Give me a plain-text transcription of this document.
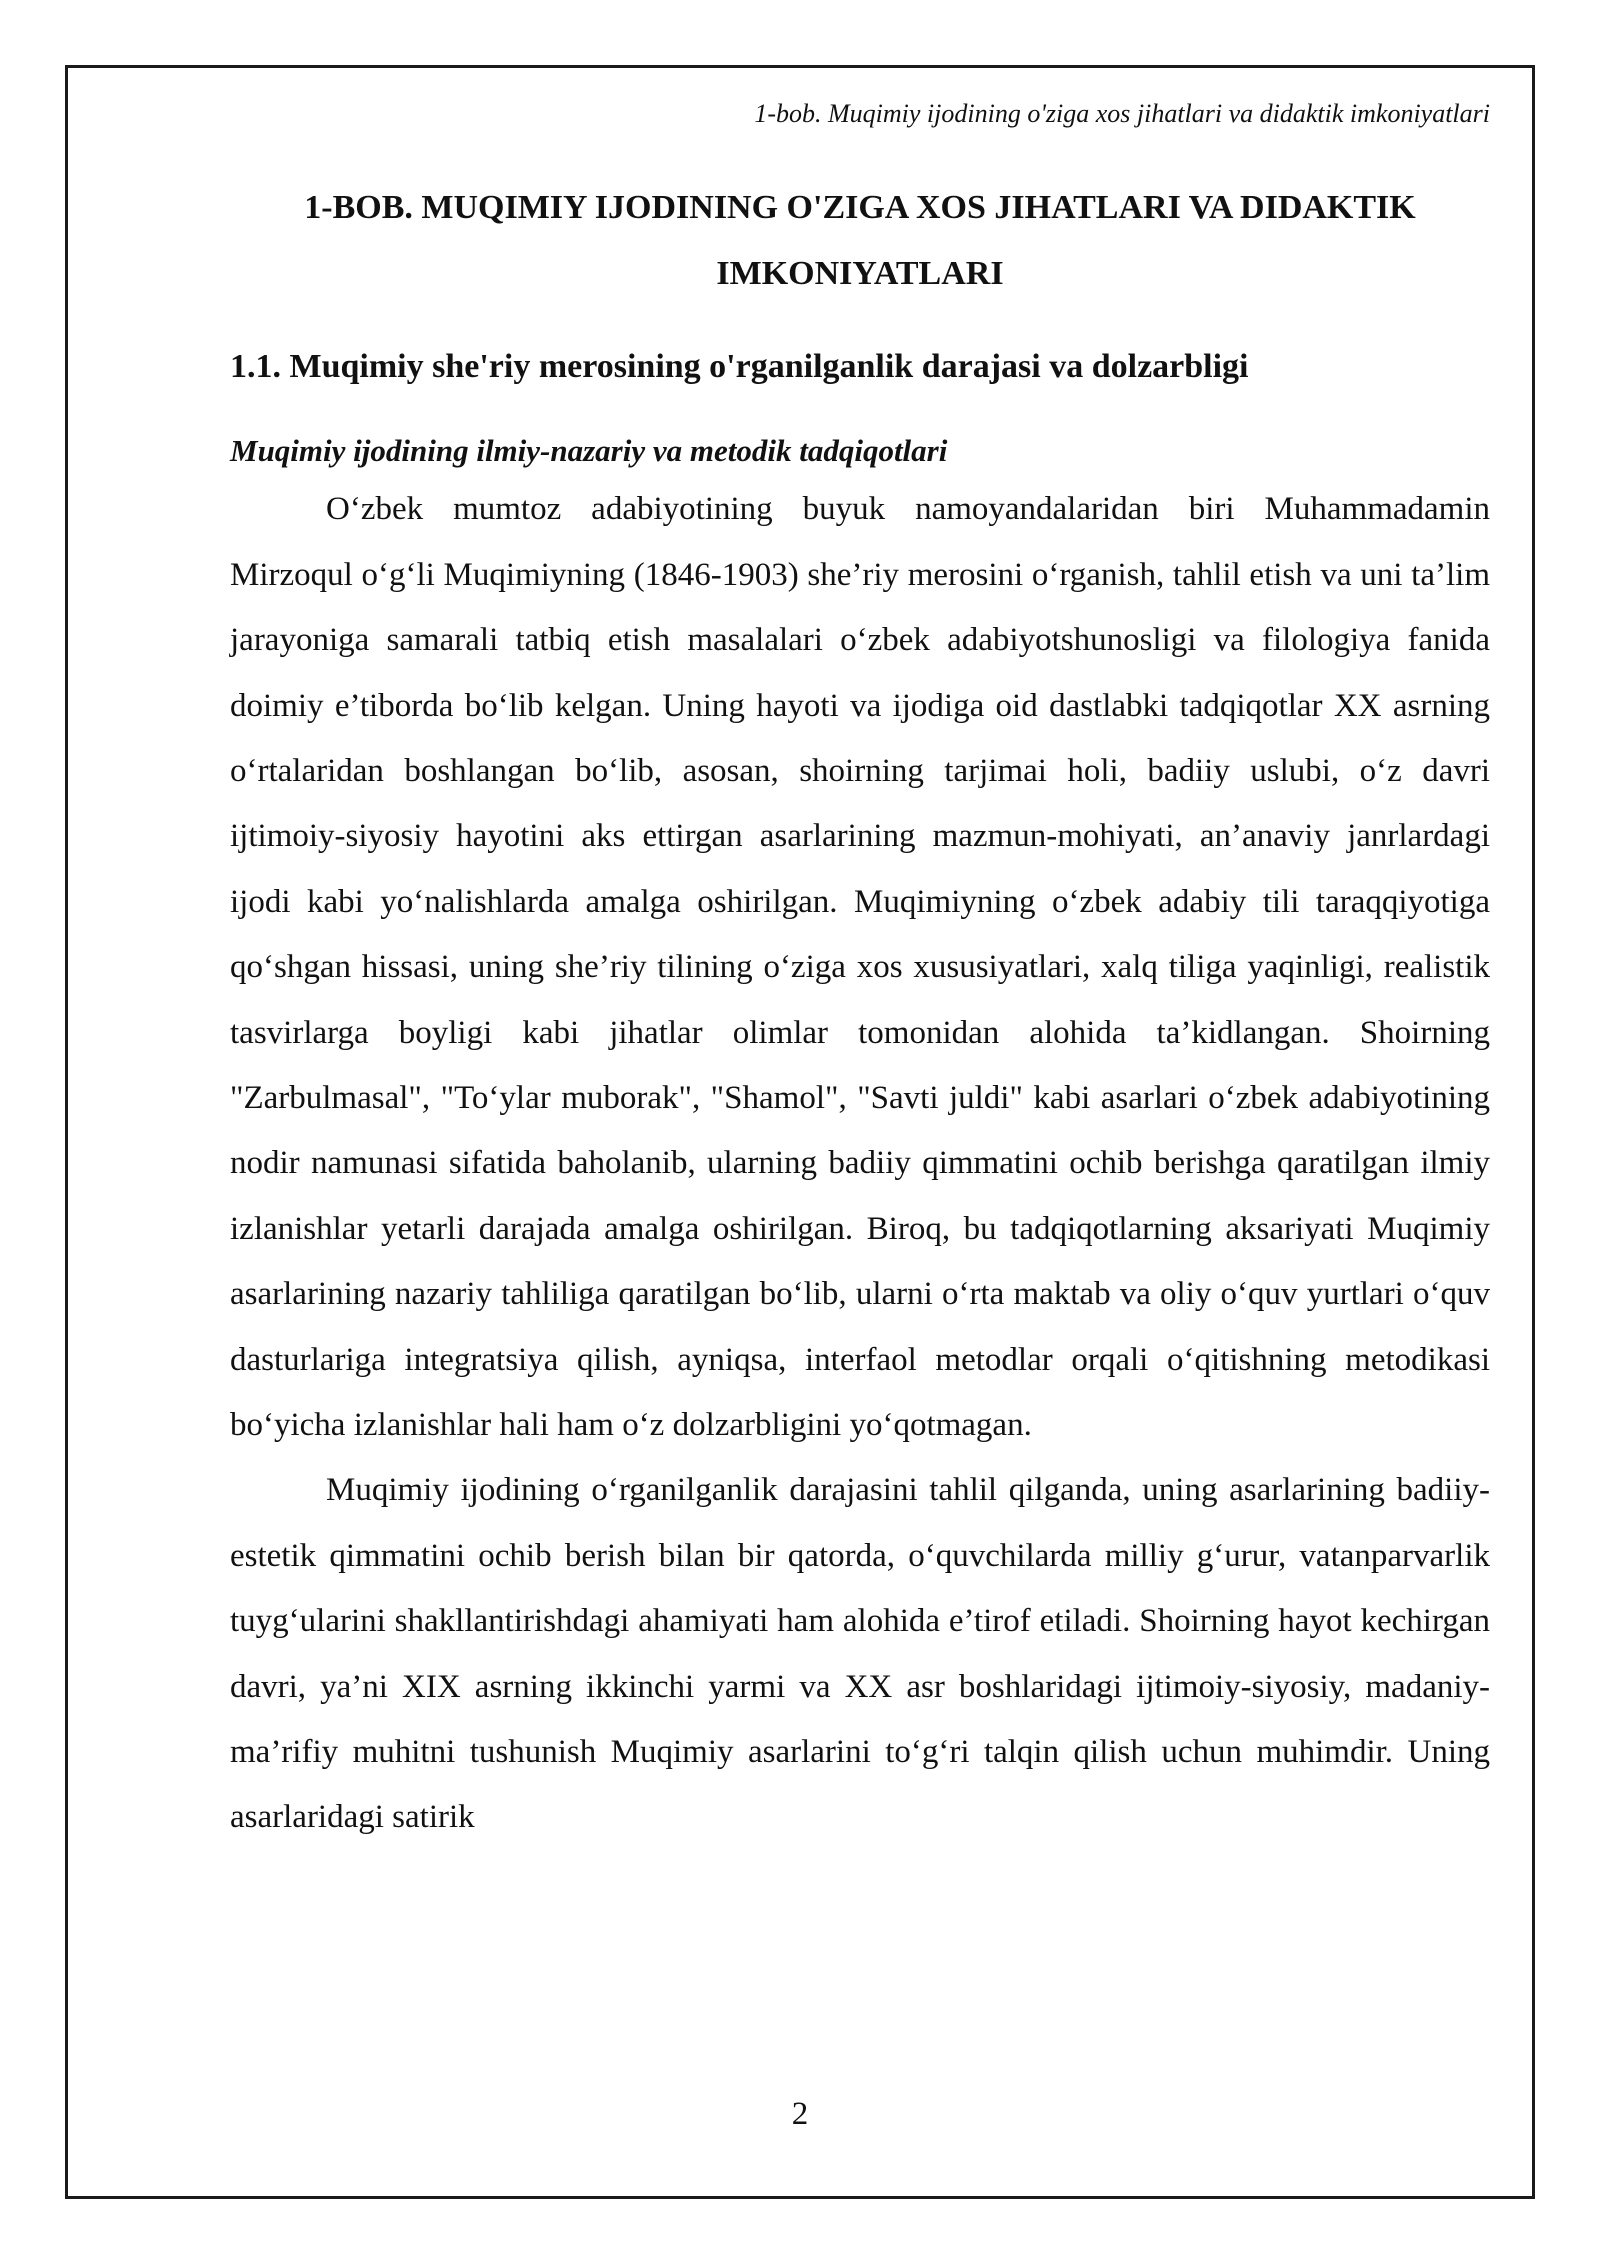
1-bob. Muqimiy ijodining o'ziga xos jihatlari va didaktik imkoniyatlari
1-BOB. MUQIMIY IJODINING O'ZIGA XOS JIHATLARI VA DIDAKTIK
IMKONIYATLARI
1.1. Muqimiy she'riy merosining o'rganilganlik darajasi va dolzarbligi
Muqimiy ijodining ilmiy-nazariy va metodik tadqiqotlari

O‘zbek mumtoz adabiyotining buyuk namoyandalaridan biri Muhammadamin Mirzoqul o‘g‘li Muqimiyning (1846-1903) she’riy merosini o‘rganish, tahlil etish va uni ta’lim jarayoniga samarali tatbiq etish masalalari o‘zbek adabiyotshunosligi va filologiya fanida doimiy e’tiborda bo‘lib kelgan. Uning hayoti va ijodiga oid dastlabki tadqiqotlar XX asrning o‘rtalaridan boshlangan bo‘lib, asosan, shoirning tarjimai holi, badiiy uslubi, o‘z davri ijtimoiy-siyosiy hayotini aks ettirgan asarlarining mazmun-mohiyati, an’anaviy janrlardagi ijodi kabi yo‘nalishlarda amalga oshirilgan. Muqimiyning o‘zbek adabiy tili taraqqiyotiga qo‘shgan hissasi, uning she’riy tilining o‘ziga xos xususiyatlari, xalq tiliga yaqinligi, realistik tasvirlarga boyligi kabi jihatlar olimlar tomonidan alohida ta’kidlangan. Shoirning "Zarbulmasal", "To‘ylar muborak", "Shamol", "Savti juldi" kabi asarlari o‘zbek adabiyotining nodir namunasi sifatida baholanib, ularning badiiy qimmatini ochib berishga qaratilgan ilmiy izlanishlar yetarli darajada amalga oshirilgan. Biroq, bu tadqiqotlarning aksariyati Muqimiy asarlarining nazariy tahliliga qaratilgan bo‘lib, ularni o‘rta maktab va oliy o‘quv yurtlari o‘quv dasturlariga integratsiya qilish, ayniqsa, interfaol metodlar orqali o‘qitishning metodikasi bo‘yicha izlanishlar hali ham o‘z dolzarbligini yo‘qotmagan.

Muqimiy ijodining o‘rganilganlik darajasini tahlil qilganda, uning asarlarining badiiy-estetik qimmatini ochib berish bilan bir qatorda, o‘quvchilarda milliy g‘urur, vatanparvarlik tuyg‘ularini shakllantirishdagi ahamiyati ham alohida e’tirof etiladi. Shoirning hayot kechirgan davri, ya’ni XIX asrning ikkinchi yarmi va XX asr boshlaridagi ijtimoiy-siyosiy, madaniy-ma’rifiy muhitni tushunish Muqimiy asarlarini to‘g‘ri talqin qilish uchun muhimdir. Uning asarlaridagi satirik

2
